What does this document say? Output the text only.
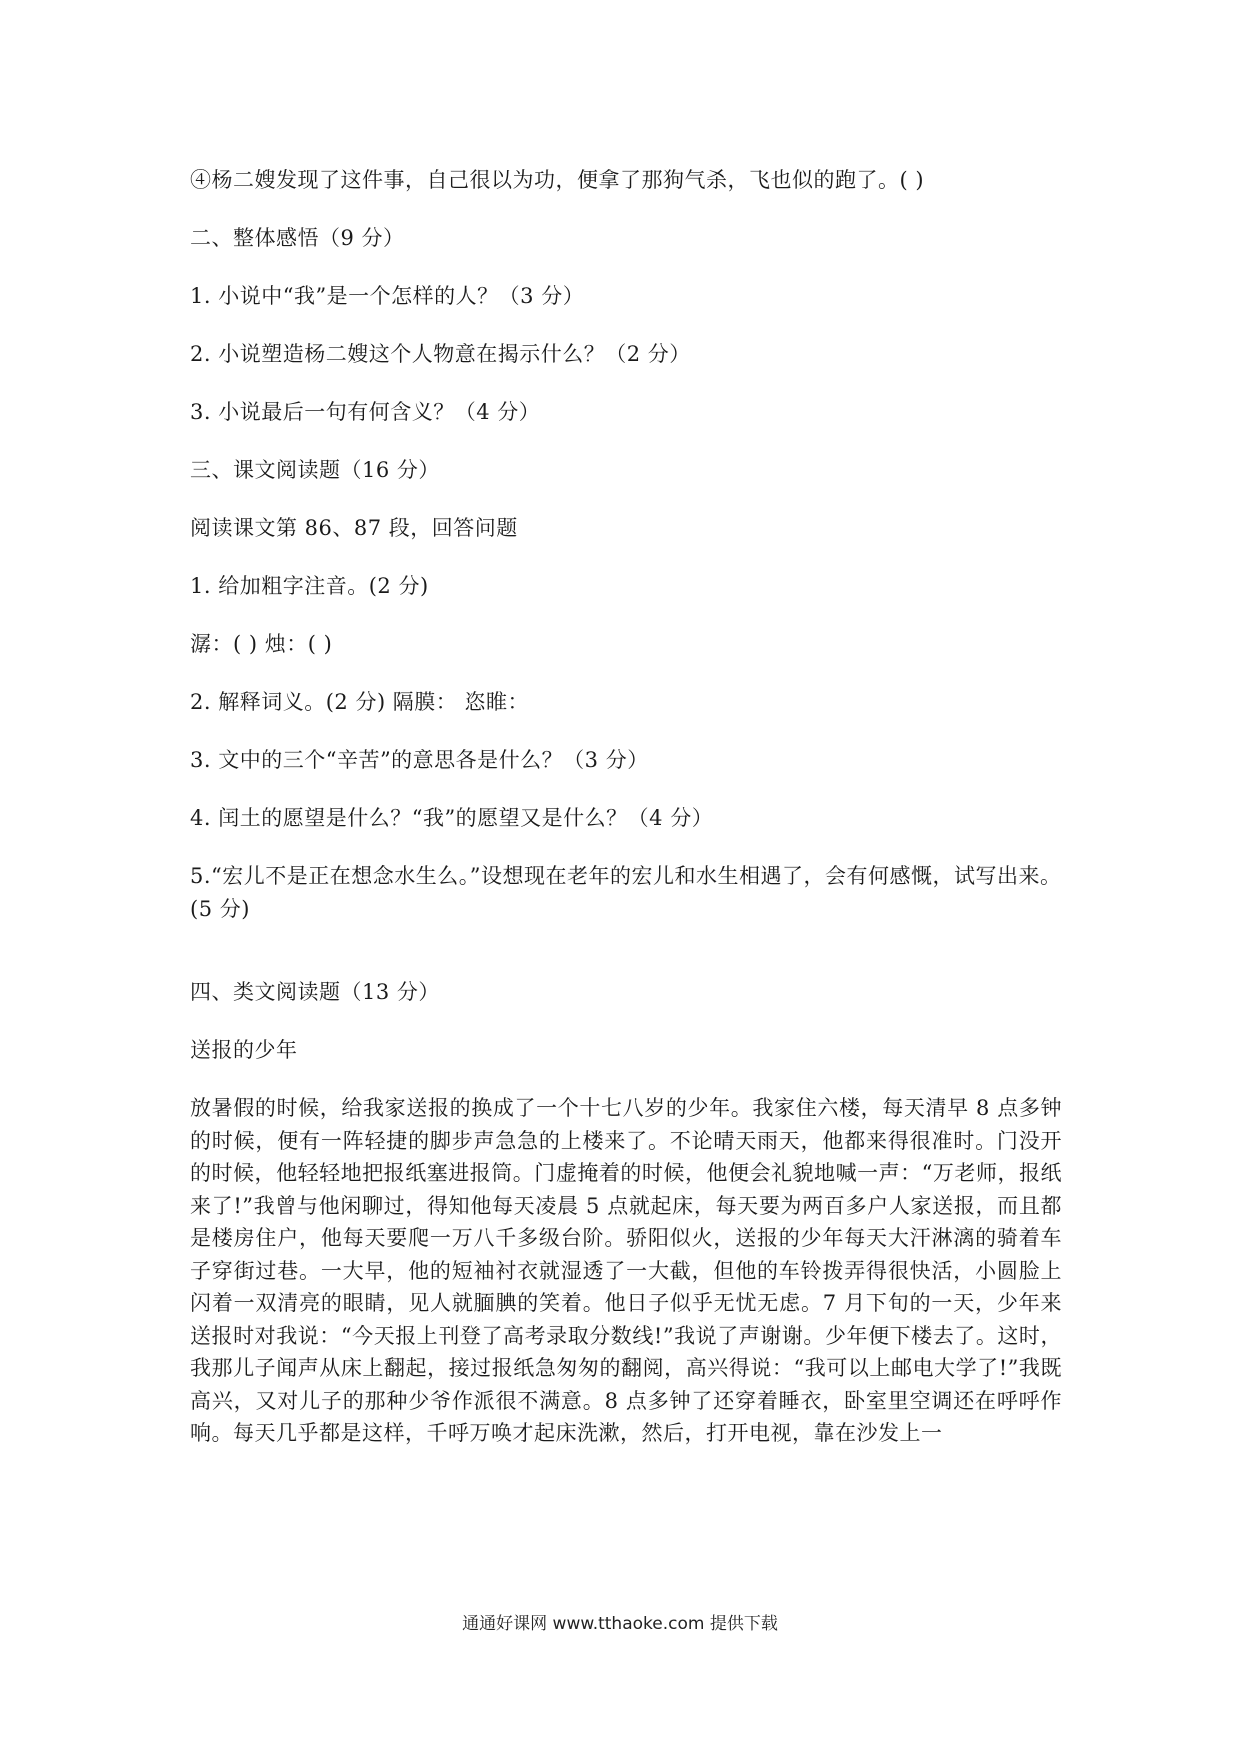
④杨二嫂发现了这件事，自己很以为功，便拿了那狗气杀，飞也似的跑了。( )
二、整体感悟（9 分）
1. 小说中“我”是一个怎样的人？（3 分）
2. 小说塑造杨二嫂这个人物意在揭示什么？（2 分）
3. 小说最后一句有何含义？（4 分）
三、课文阅读题（16 分）
阅读课文第 86、87 段，回答问题
1. 给加粗字注音。(2 分)
潺：( ) 烛：( )
2. 解释词义。(2 分) 隔膜： 恣睢：
3. 文中的三个“辛苦”的意思各是什么？（3 分）
4. 闰土的愿望是什么？“我”的愿望又是什么？（4 分）
5.“宏儿不是正在想念水生么。”设想现在老年的宏儿和水生相遇了，会有何感慨，试写出来。(5 分)
四、类文阅读题（13 分）
送报的少年
放暑假的时候，给我家送报的换成了一个十七八岁的少年。我家住六楼，每天清早 8 点多钟的时候，便有一阵轻捷的脚步声急急的上楼来了。不论晴天雨天，他都来得很准时。门没开的时候，他轻轻地把报纸塞进报筒。门虚掩着的时候，他便会礼貌地喊一声：“万老师，报纸来了!”我曾与他闲聊过，得知他每天凌晨 5 点就起床，每天要为两百多户人家送报，而且都是楼房住户，他每天要爬一万八千多级台阶。骄阳似火，送报的少年每天大汗淋漓的骑着车子穿街过巷。一大早，他的短袖衬衣就湿透了一大截，但他的车铃拨弄得很快活，小圆脸上闪着一双清亮的眼睛，见人就腼腆的笑着。他日子似乎无忧无虑。7 月下旬的一天，少年来送报时对我说：“今天报上刊登了高考录取分数线!”我说了声谢谢。少年便下楼去了。这时，我那儿子闻声从床上翻起，接过报纸急匆匆的翻阅，高兴得说：“我可以上邮电大学了!”我既高兴，又对儿子的那种少爷作派很不满意。8 点多钟了还穿着睡衣，卧室里空调还在呼呼作响。每天几乎都是这样，千呼万唤才起床洗漱，然后，打开电视，靠在沙发上一
通通好课网 www.tthaoke.com 提供下载
